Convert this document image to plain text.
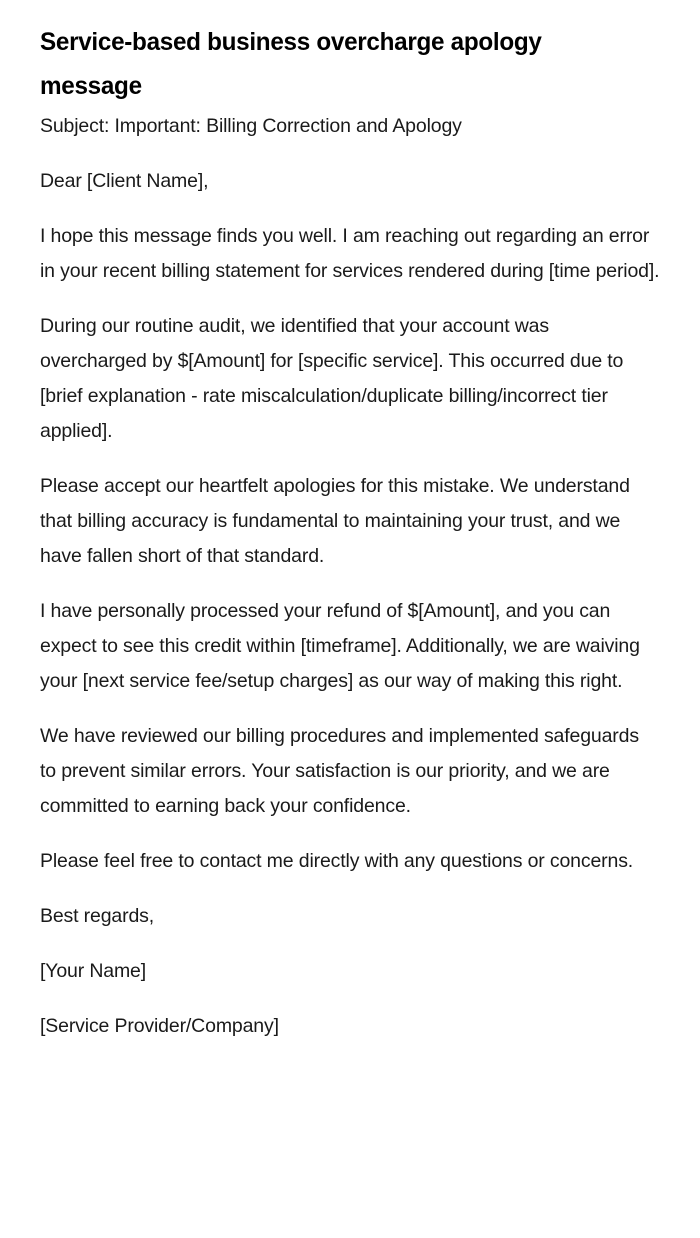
Service-based business overcharge apology message

Subject: Important: Billing Correction and Apology

Dear [Client Name],

I hope this message finds you well. I am reaching out regarding an error in your recent billing statement for services rendered during [time period].

During our routine audit, we identified that your account was overcharged by $[Amount] for [specific service]. This occurred due to [brief explanation - rate miscalculation/duplicate billing/incorrect tier applied].

Please accept our heartfelt apologies for this mistake. We understand that billing accuracy is fundamental to maintaining your trust, and we have fallen short of that standard.

I have personally processed your refund of $[Amount], and you can expect to see this credit within [timeframe]. Additionally, we are waiving your [next service fee/setup charges] as our way of making this right.

We have reviewed our billing procedures and implemented safeguards to prevent similar errors. Your satisfaction is our priority, and we are committed to earning back your confidence.

Please feel free to contact me directly with any questions or concerns.

Best regards,

[Your Name]

[Service Provider/Company]
